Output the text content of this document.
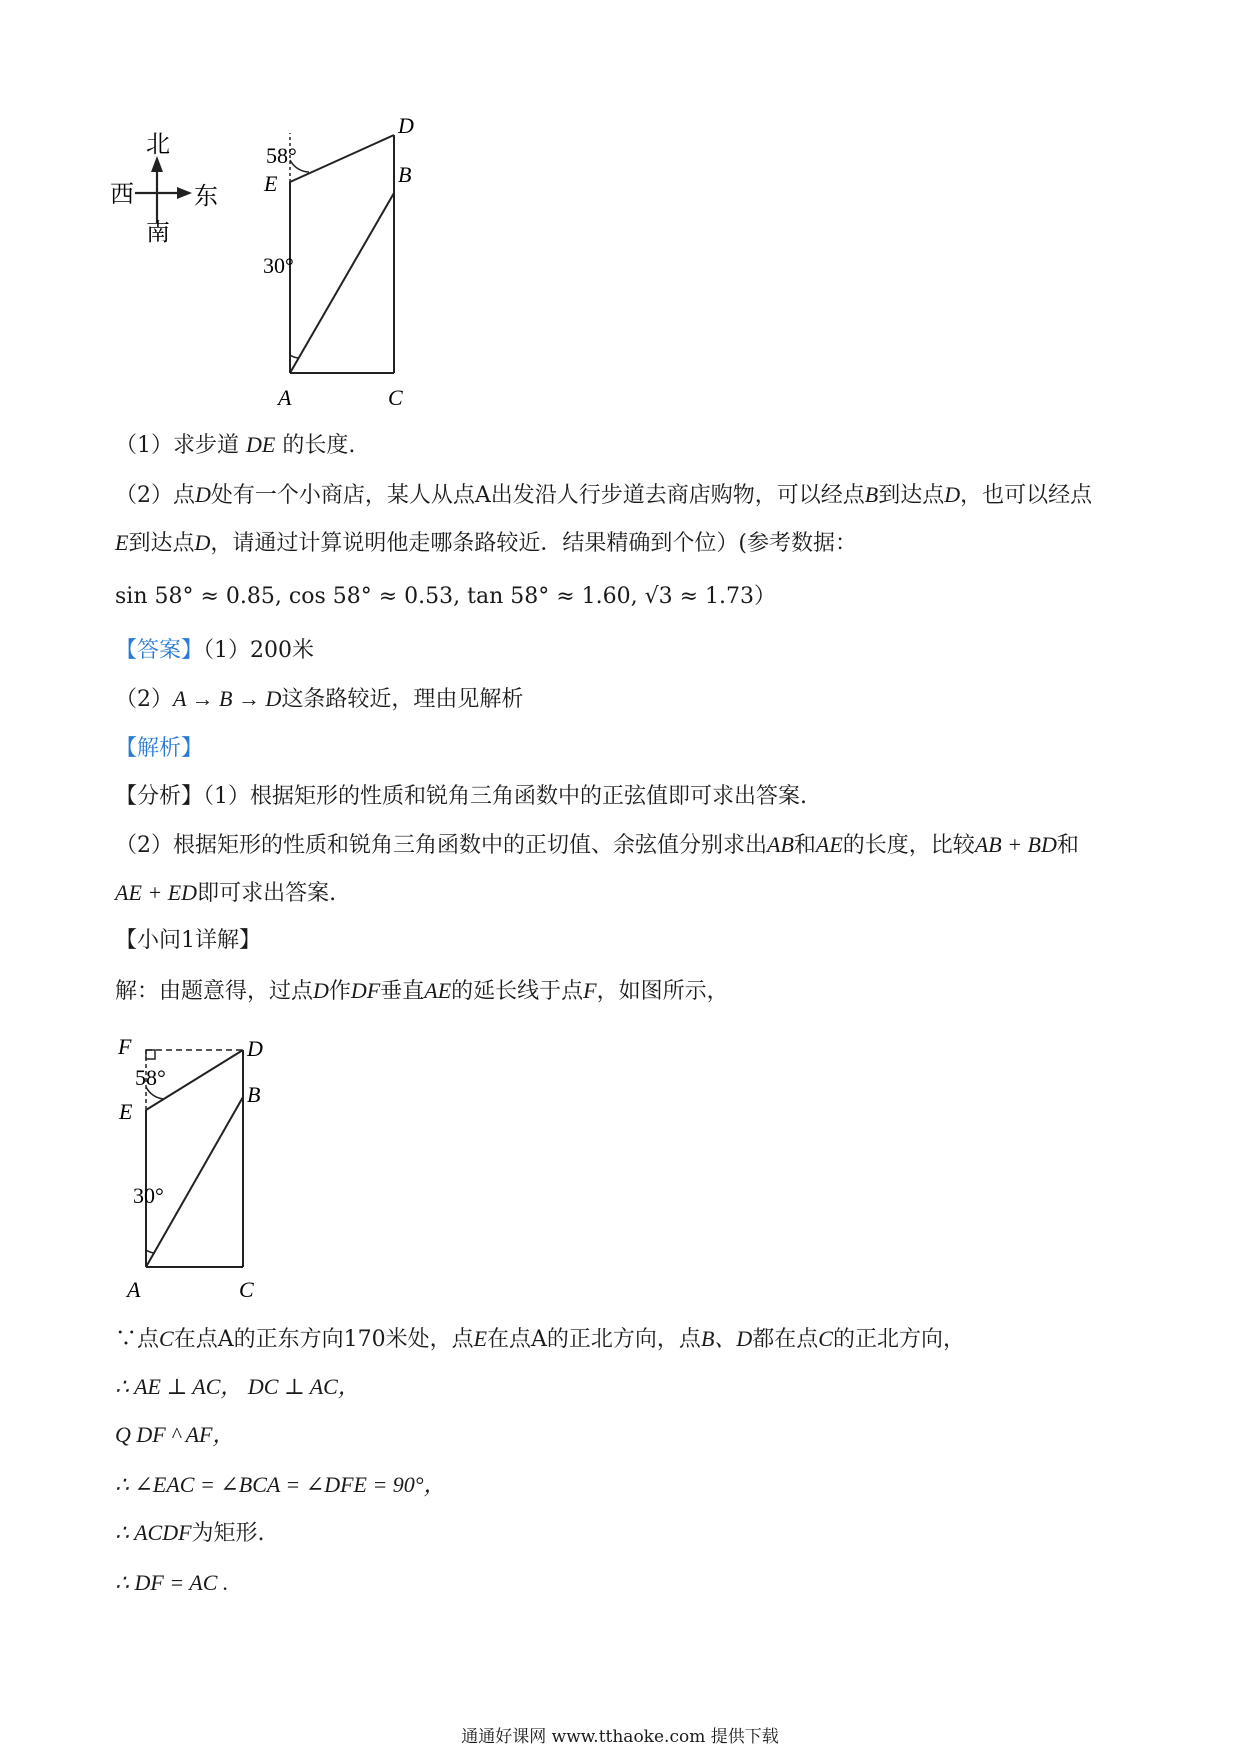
北
南
西	东
58°
30°
D
B
E
A	C
（1）求步道 DE 的长度.
（2）点D处有一个小商店，某人从点A出发沿人行步道去商店购物，可以经点B到达点D，也可以经点
E到达点D，请通过计算说明他走哪条路较近．结果精确到个位）(参考数据：
sin 58° ≈ 0.85, cos 58° ≈ 0.53, tan 58° ≈ 1.60, √3 ≈ 1.73）
【答案】（1）200米
（2）A → B → D这条路较近，理由见解析
【解析】
【分析】（1）根据矩形的性质和锐角三角函数中的正弦值即可求出答案.
（2）根据矩形的性质和锐角三角函数中的正切值、余弦值分别求出AB和AE的长度，比较AB + BD和
AE + ED即可求出答案.
【小问1详解】
解：由题意得，过点D作DF垂直AE的延长线于点F，如图所示，
58°
30°
F	D
B
E
A	C
∵点C在点A的正东方向170米处，点E在点A的正北方向，点B、D都在点C的正北方向，
∴ AE ⊥ AC， DC ⊥ AC，
Q DF ^ AF，
∴ ∠EAC = ∠BCA = ∠DFE = 90°，
∴ ACDF为矩形.
∴ DF = AC .
通通好课网 www.tthaoke.com 提供下载
